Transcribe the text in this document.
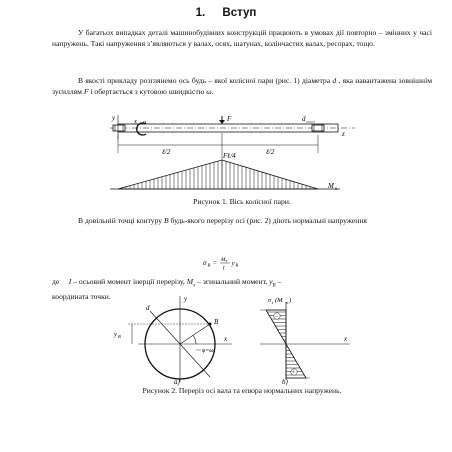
1. Вступ
У багатьох випадках деталі машинобудівних конструкцій працюють в умовах дії повторно – змінних у часі напружень. Такі напруження з’являються у валах, осях, шатунах, колінчастих валах, ресорах, тощо.
В якості прикладу розглянемо ось будь – якої колісної пари (рис. 1) діаметра d , яка навантажена зовнішнім зусиллям F і обертається з кутовою швидкістю ω.
y	x o	F	d
z
ℓ/2	ℓ/2
Fℓ/4
M x
Рисунок 1. Вісь колісної пари.
В довільній точці контуру B будь-якого перерізу осі (рис. 2) діють нормальні напруження
σ B = M x
I
y B
де I – осьовий момент інерції перерізу, $M_x$ – згинальний момент, $y_B$ –
координата точки.	y
x
d
B
y B
φ=ωt
a)
x
−
+
σ t (M x )
b)
Рисунок 2. Переріз осі вала та епюра нормальних напружень.
